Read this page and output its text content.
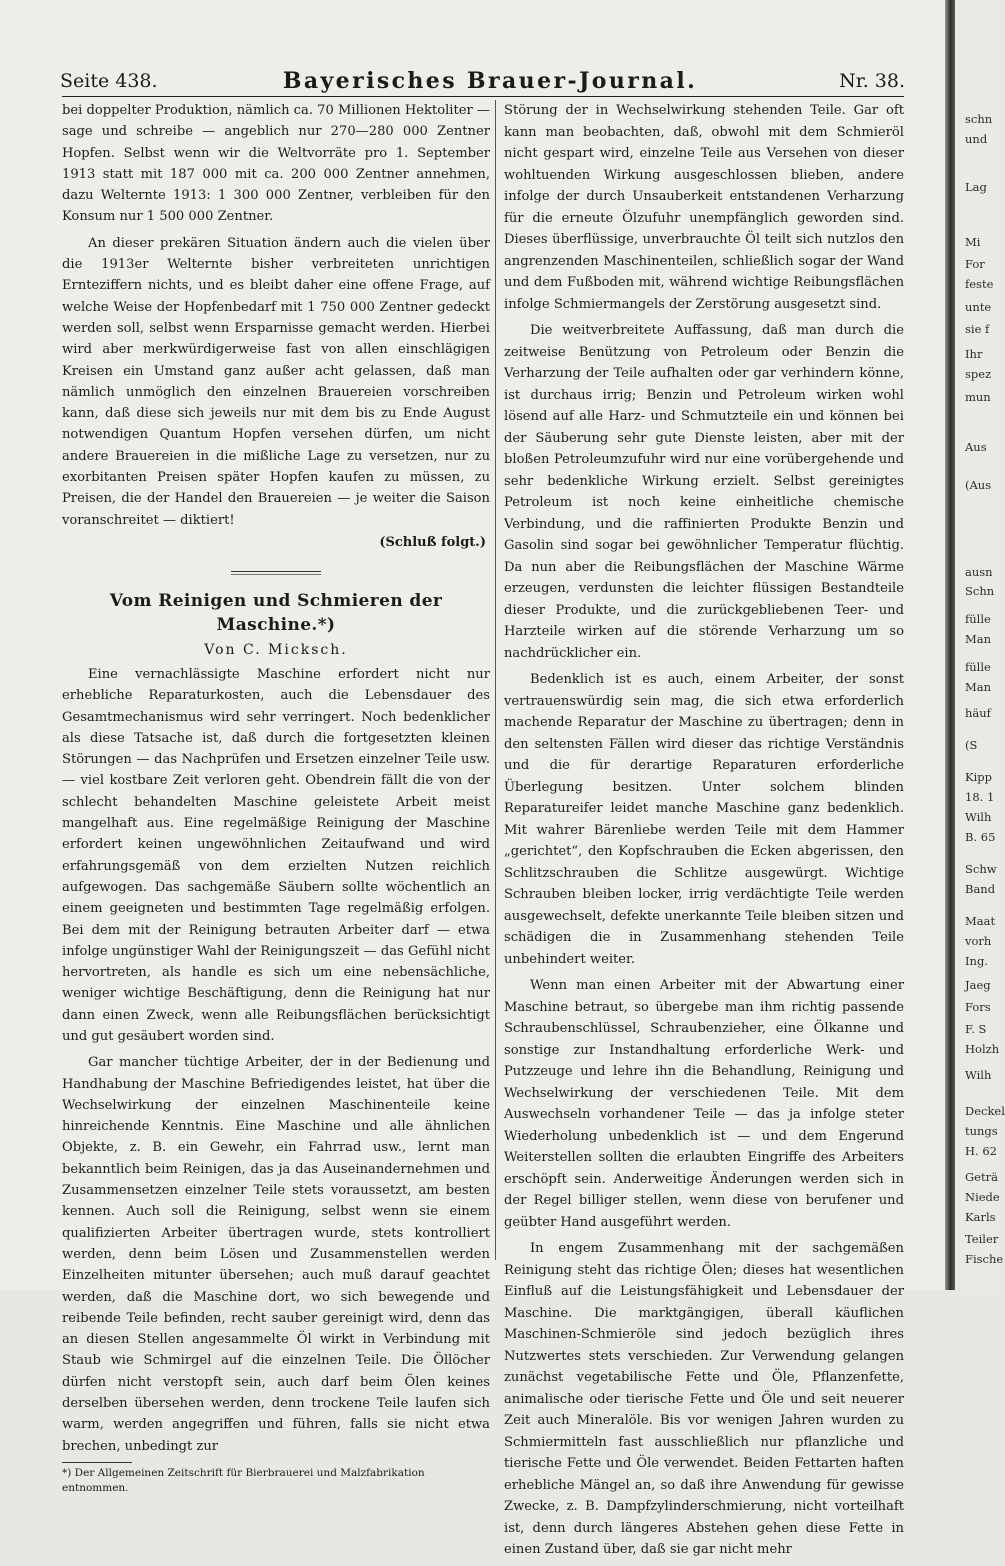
Seite 438.	Bayerisches Brauer-Journal.	Nr. 38.

bei doppelter Produktion, nämlich ca. 70 Millionen Hektoliter — sage und schreibe — angeblich nur 270—280 000 Zentner Hopfen. Selbst wenn wir die Weltvorräte pro 1. September 1913 statt mit 187 000 mit ca. 200 000 Zentner annehmen, dazu Welternte 1913: 1 300 000 Zentner, verbleiben für den Konsum nur 1 500 000 Zentner.

An dieser prekären Situation ändern auch die vielen über die 1913er Welternte bisher verbreiteten unrichtigen Ernteziffern nichts, und es bleibt daher eine offene Frage, auf welche Weise der Hopfenbedarf mit 1 750 000 Zentner gedeckt werden soll, selbst wenn Ersparnisse gemacht werden. Hierbei wird aber merkwürdigerweise fast von allen einschlägigen Kreisen ein Umstand ganz außer acht gelassen, daß man nämlich unmöglich den einzelnen Brauereien vorschreiben kann, daß diese sich jeweils nur mit dem bis zu Ende August notwendigen Quantum Hopfen versehen dürfen, um nicht andere Brauereien in die mißliche Lage zu versetzen, nur zu exorbitanten Preisen später Hopfen kaufen zu müssen, zu Preisen, die der Handel den Brauereien — je weiter die Saison voranschreitet — diktiert!

(Schluß folgt.)
Vom Reinigen und Schmieren der Maschine.*)
Von C. Micksch.

Eine vernachlässigte Maschine erfordert nicht nur erhebliche Reparaturkosten, auch die Lebensdauer des Gesamtmechanismus wird sehr verringert. Noch bedenklicher als diese Tatsache ist, daß durch die fortgesetzten kleinen Störungen — das Nachprüfen und Ersetzen einzelner Teile usw. — viel kostbare Zeit verloren geht. Obendrein fällt die von der schlecht behandelten Maschine geleistete Arbeit meist mangelhaft aus. Eine regelmäßige Reinigung der Maschine erfordert keinen ungewöhnlichen Zeitaufwand und wird erfahrungsgemäß von dem erzielten Nutzen reichlich aufgewogen. Das sachgemäße Säubern sollte wöchentlich an einem geeigneten und bestimmten Tage regelmäßig erfolgen. Bei dem mit der Reinigung betrauten Arbeiter darf — etwa infolge ungünstiger Wahl der Reinigungszeit — das Gefühl nicht hervortreten, als handle es sich um eine nebensächliche, weniger wichtige Beschäftigung, denn die Reinigung hat nur dann einen Zweck, wenn alle Reibungsflächen berücksichtigt und gut gesäubert worden sind.

Gar mancher tüchtige Arbeiter, der in der Bedienung und Handhabung der Maschine Befriedigendes leistet, hat über die Wechselwirkung der einzelnen Maschinenteile keine hinreichende Kenntnis. Eine Maschine und alle ähnlichen Objekte, z. B. ein Gewehr, ein Fahrrad usw., lernt man bekanntlich beim Reinigen, das ja das Auseinandernehmen und Zusammensetzen einzelner Teile stets voraussetzt, am besten kennen. Auch soll die Reinigung, selbst wenn sie einem qualifizierten Arbeiter übertragen wurde, stets kontrolliert werden, denn beim Lösen und Zusammenstellen werden Einzelheiten mitunter übersehen; auch muß darauf geachtet werden, daß die Maschine dort, wo sich bewegende und reibende Teile befinden, recht sauber gereinigt wird, denn das an diesen Stellen angesammelte Öl wirkt in Verbindung mit Staub wie Schmirgel auf die einzelnen Teile. Die Öllöcher dürfen nicht verstopft sein, auch darf beim Ölen keines derselben übersehen werden, denn trockene Teile laufen sich warm, werden angegriffen und führen, falls sie nicht etwa brechen, unbedingt zur

*) Der Allgemeinen Zeitschrift für Bierbrauerei und Malzfabrikation entnommen.

Störung der in Wechselwirkung stehenden Teile. Gar oft kann man beobachten, daß, obwohl mit dem Schmieröl nicht gespart wird, einzelne Teile aus Versehen von dieser wohltuenden Wirkung ausgeschlossen blieben, andere infolge der durch Unsauberkeit entstandenen Verharzung für die erneute Ölzufuhr unempfänglich geworden sind. Dieses überflüssige, unverbrauchte Öl teilt sich nutzlos den angrenzenden Maschinenteilen, schließlich sogar der Wand und dem Fußboden mit, während wichtige Reibungsflächen infolge Schmiermangels der Zerstörung ausgesetzt sind.

Die weitverbreitete Auffassung, daß man durch die zeitweise Benützung von Petroleum oder Benzin die Verharzung der Teile aufhalten oder gar verhindern könne, ist durchaus irrig; Benzin und Petroleum wirken wohl lösend auf alle Harz- und Schmutzteile ein und können bei der Säuberung sehr gute Dienste leisten, aber mit der bloßen Petroleumzufuhr wird nur eine vorübergehende und sehr bedenkliche Wirkung erzielt. Selbst gereinigtes Petroleum ist noch keine einheitliche chemische Verbindung, und die raffinierten Produkte Benzin und Gasolin sind sogar bei gewöhnlicher Temperatur flüchtig. Da nun aber die Reibungsflächen der Maschine Wärme erzeugen, verdunsten die leichter flüssigen Bestandteile dieser Produkte, und die zurückgebliebenen Teer- und Harzteile wirken auf die störende Verharzung um so nachdrücklicher ein.

Bedenklich ist es auch, einem Arbeiter, der sonst vertrauenswürdig sein mag, die sich etwa erforderlich machende Reparatur der Maschine zu übertragen; denn in den seltensten Fällen wird dieser das richtige Verständnis und die für derartige Reparaturen erforderliche Überlegung besitzen. Unter solchem blinden Reparatureifer leidet manche Maschine ganz bedenklich. Mit wahrer Bärenliebe werden Teile mit dem Hammer „gerichtet“, den Kopfschrauben die Ecken abgerissen, den Schlitzschrauben die Schlitze ausgewürgt. Wichtige Schrauben bleiben locker, irrig verdächtigte Teile werden ausgewechselt, defekte unerkannte Teile bleiben sitzen und schädigen die in Zusammenhang stehenden Teile unbehindert weiter.

Wenn man einen Arbeiter mit der Abwartung einer Maschine betraut, so übergebe man ihm richtig passende Schraubenschlüssel, Schraubenzieher, eine Ölkanne und sonstige zur Instandhaltung erforderliche Werk- und Putzzeuge und lehre ihn die Behandlung, Reinigung und Wechselwirkung der verschiedenen Teile. Mit dem Auswechseln vorhandener Teile — das ja infolge steter Wiederholung unbedenklich ist — und dem Engerund Weiterstellen sollten die erlaubten Eingriffe des Arbeiters erschöpft sein. Anderweitige Änderungen werden sich in der Regel billiger stellen, wenn diese von berufener und geübter Hand ausgeführt werden.

In engem Zusammenhang mit der sachgemäßen Reinigung steht das richtige Ölen; dieses hat wesentlichen Einfluß auf die Leistungsfähigkeit und Lebensdauer der Maschine. Die marktgängigen, überall käuflichen Maschinen-Schmieröle sind jedoch bezüglich ihres Nutzwertes stets verschieden. Zur Verwendung gelangen zunächst vegetabilische Fette und Öle, Pflanzenfette, animalische oder tierische Fette und Öle und seit neuerer Zeit auch Mineralöle. Bis vor wenigen Jahren wurden zu Schmiermitteln fast ausschließlich nur pflanzliche und tierische Fette und Öle verwendet. Beiden Fettarten haften erhebliche Mängel an, so daß ihre Anwendung für gewisse Zwecke, z. B. Dampfzylinderschmierung, nicht vorteilhaft ist, denn durch längeres Abstehen gehen diese Fette in einen Zustand über, daß sie gar nicht mehr

schn
und
Lag
Mi
For
feste
unte
sie f
Ihr
spez
mun
Aus
(Aus
ausn
Schn
fülle
Man
fülle
Man
häuf
(S
Kipp
18. 1
Wilh
B. 65
Schw
Band
Maat
vorh
Ing.
Jaeg
Fors
F. S
Holzh
Wilh
Deckel
tungs
H. 62
Geträ
Niede
Karls
Teiler
Fische
